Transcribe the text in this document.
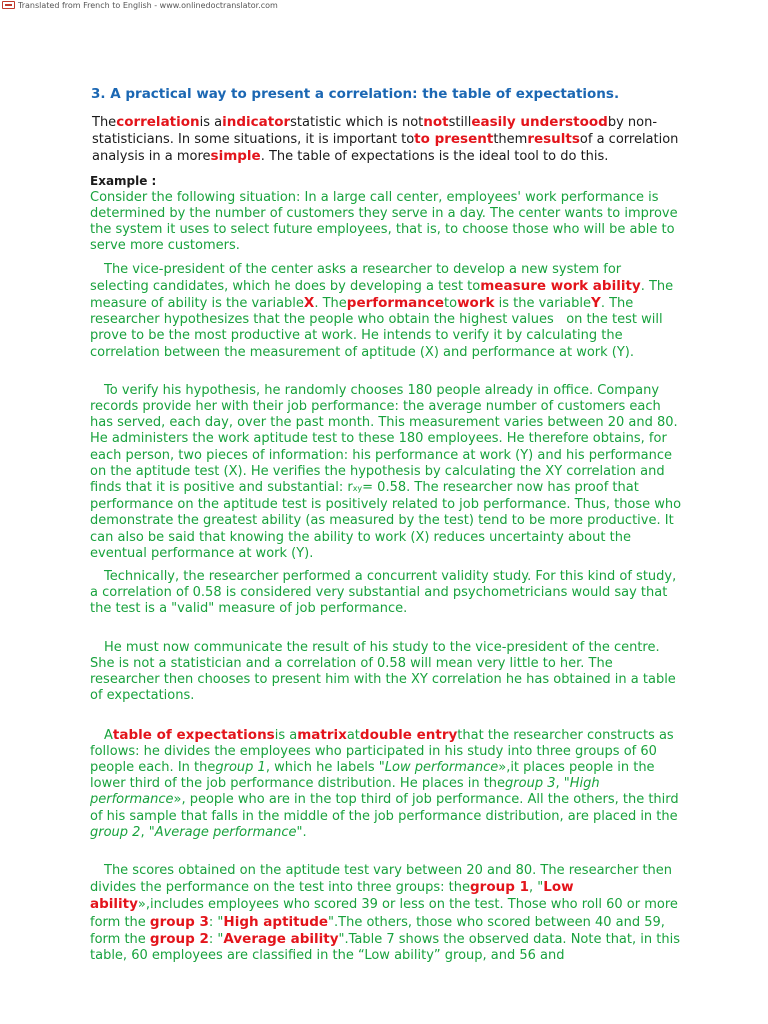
Translated from French to English - www.onlinedoctranslator.com
3. A practical way to present a correlation: the table of expectations.

Thecorrelationis aindicatorstatistic which is notnotstilleasily understoodby non-statisticians. In some situations, it is important toto presentthemresultsof a correlation analysis in a moresimple. The table of expectations is the ideal tool to do this.

Example :

Consider the following situation: In a large call center, employees' work performance is determined by the number of customers they serve in a day. The center wants to improve the system it uses to select future employees, that is, to choose those who will be able to serve more customers.

The vice-president of the center asks a researcher to develop a new system for selecting candidates, which he does by developing a test tomeasure work ability. The measure of ability is the variableX. Theperformancetowork is the variableY. The researcher hypothesizes that the people who obtain the highest values   on the test will prove to be the most productive at work. He intends to verify it by calculating the correlation between the measurement of aptitude (X) and performance at work (Y).

To verify his hypothesis, he randomly chooses 180 people already in office. Company records provide her with their job performance: the average number of customers each has served, each day, over the past month. This measurement varies between 20 and 80. He administers the work aptitude test to these 180 employees. He therefore obtains, for each person, two pieces of information: his performance at work (Y) and his performance on the aptitude test (X). He verifies the hypothesis by calculating the XY correlation and finds that it is positive and substantial: rxy= 0.58. The researcher now has proof that performance on the aptitude test is positively related to job performance. Thus, those who demonstrate the greatest ability (as measured by the test) tend to be more productive. It can also be said that knowing the ability to work (X) reduces uncertainty about the eventual performance at work (Y).

Technically, the researcher performed a concurrent validity study. For this kind of study, a correlation of 0.58 is considered very substantial and psychometricians would say that the test is a "valid" measure of job performance.

He must now communicate the result of his study to the vice-president of the centre. She is not a statistician and a correlation of 0.58 will mean very little to her. The researcher then chooses to present him with the XY correlation he has obtained in a table of expectations.

Atable of expectationsis amatrixatdouble entrythat the researcher constructs as follows: he divides the employees who participated in his study into three groups of 60 people each. In thegroup 1, which he labels "Low performance»,it places people in the lower third of the job performance distribution. He places in thegroup 3, "High performance», people who are in the top third of job performance. All the others, the third of his sample that falls in the middle of the job performance distribution, are placed in the group 2, "Average performance".

The scores obtained on the aptitude test vary between 20 and 80. The researcher then divides the performance on the test into three groups: thegroup 1, "Low ability»,includes employees who scored 39 or less on the test. Those who roll 60 or more form the group 3: "High aptitude".The others, those who scored between 40 and 59, form the group 2: "Average ability".Table 7 shows the observed data. Note that, in this table, 60 employees are classified in the “Low ability” group, and 56 and
